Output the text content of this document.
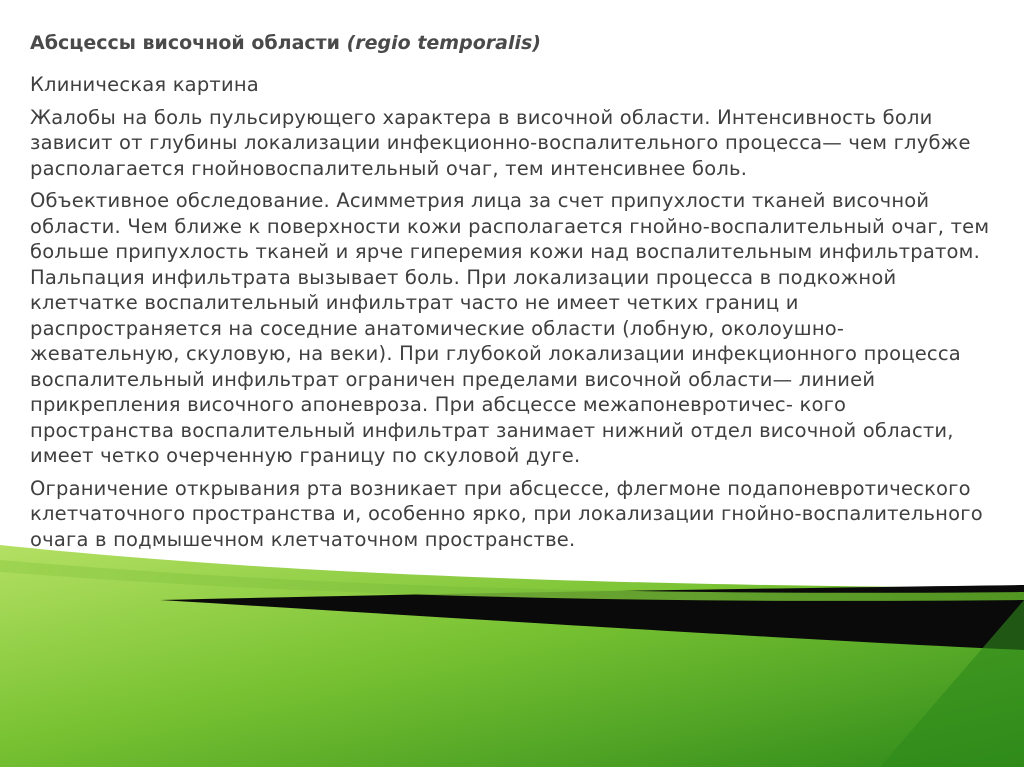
Абсцессы височной области (regio temporalis)

Клиническая картина

Жалобы на боль пульсирующего характера в височной области. Интенсивность боли зависит от глубины локализации инфекционно-воспалительного процесса— чем глубже располагается гнойновоспалительный очаг, тем интенсивнее боль.

Объективное обследование. Асимметрия лица за счет припухлости тканей височной области. Чем ближе к поверхности кожи располагается гнойно-воспалительный очаг, тем больше припухлость тканей и ярче гиперемия кожи над воспалительным инфильтратом. Пальпация инфильтрата вызывает боль. При локализации процесса в подкожной клетчатке воспалительный инфильтрат часто не имеет четких границ и распространяется на соседние анатомические области (лобную, околоушно-жевательную, скуловую, на веки). При глубокой локализации инфекционного процесса воспалительный инфильтрат ограничен пределами височной области— линией прикрепления височного апоневроза. При абсцессе межапоневротичес- кого пространства воспалительный инфильтрат занимает нижний отдел височной области, имеет четко очерченную границу по скуловой дуге.

Ограничение открывания рта возникает при абсцессе, флегмоне подапоневротического клетчаточного пространства и, особенно ярко, при локализации гнойно-воспалительного очага в подмышечном клетчаточном пространстве.
